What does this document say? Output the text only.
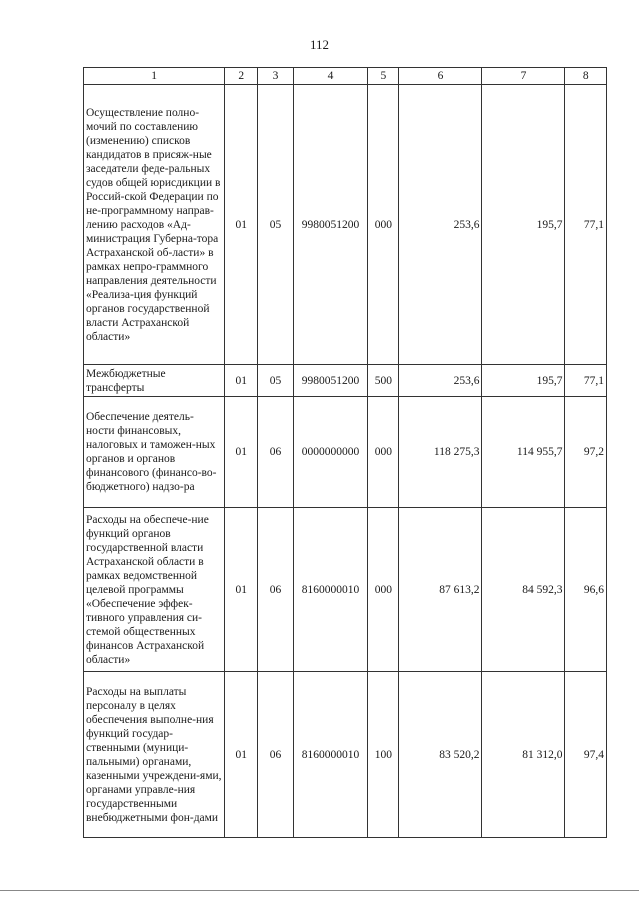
112
1	2	3	4	5	6	7	8
Осуществление полно-мочий по составлению (изменению) списков кандидатов в присяж-ные заседатели феде-ральных судов общей юрисдикции в Россий-ской Федерации по не-программному направ-лению расходов «Ад-министрация Губерна-тора Астраханской об-ласти» в рамках непро-граммного направления деятельности «Реализа-ция функций органов государственной власти Астраханской области»	01	05	9980051200	000	253,6	195,7	77,1
Межбюджетные трансферты	01	05	9980051200	500	253,6	195,7	77,1
Обеспечение деятель-ности финансовых, налоговых и таможен-ных органов и органов финансового (финансо-во-бюджетного) надзо-ра	01	06	0000000000	000	118 275,3	114 955,7	97,2
Расходы на обеспече-ние функций органов государственной власти Астраханской области в рамках ведомственной целевой программы «Обеспечение эффек-тивного управления си-стемой общественных финансов Астраханской области»	01	06	8160000010	000	87 613,2	84 592,3	96,6
Расходы на выплаты персоналу в целях обеспечения выполне-ния функций государ-ственными (муници-пальными) органами, казенными учреждени-ями, органами управле-ния государственными внебюджетными фон-дами	01	06	8160000010	100	83 520,2	81 312,0	97,4
